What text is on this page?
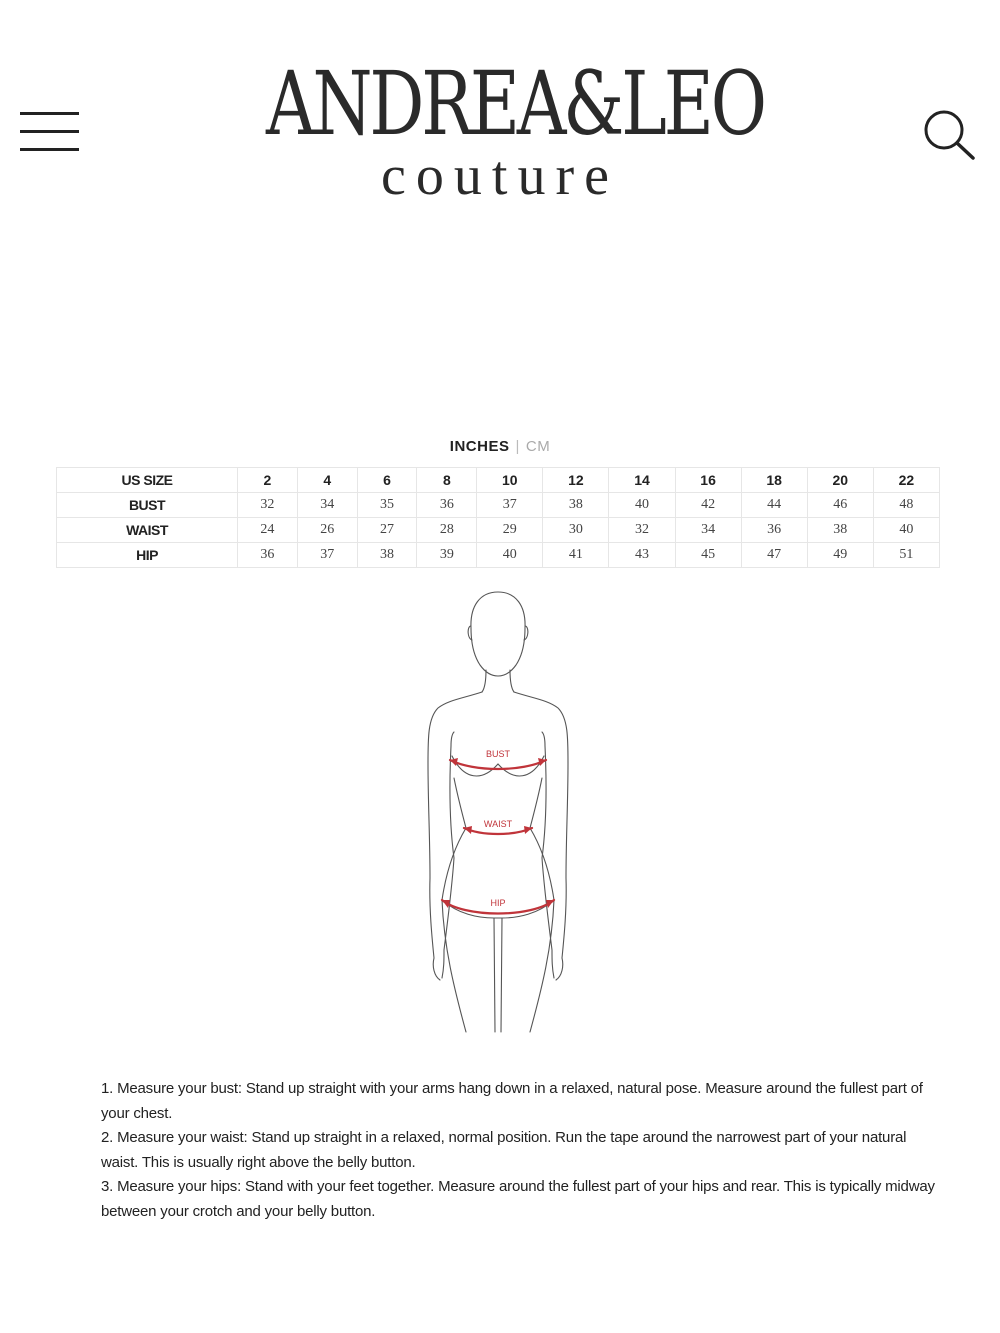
ANDREA&LEO
couture
INCHES | CM
US SIZE	2	4	6	8	10	12	14	16	18	20	22
BUST	32	34	35	36	37	38	40	42	44	46	48
WAIST	24	26	27	28	29	30	32	34	36	38	40
HIP	36	37	38	39	40	41	43	45	47	49	51
BUST
WAIST
HIP

1. Measure your bust: Stand up straight with your arms hang down in a relaxed, natural pose. Measure around the fullest part of your chest.

2. Measure your waist: Stand up straight in a relaxed, normal position. Run the tape around the narrowest part of your natural waist. This is usually right above the belly button.

3. Measure your hips: Stand with your feet together. Measure around the fullest part of your hips and rear. This is typically midway between your crotch and your belly button.
